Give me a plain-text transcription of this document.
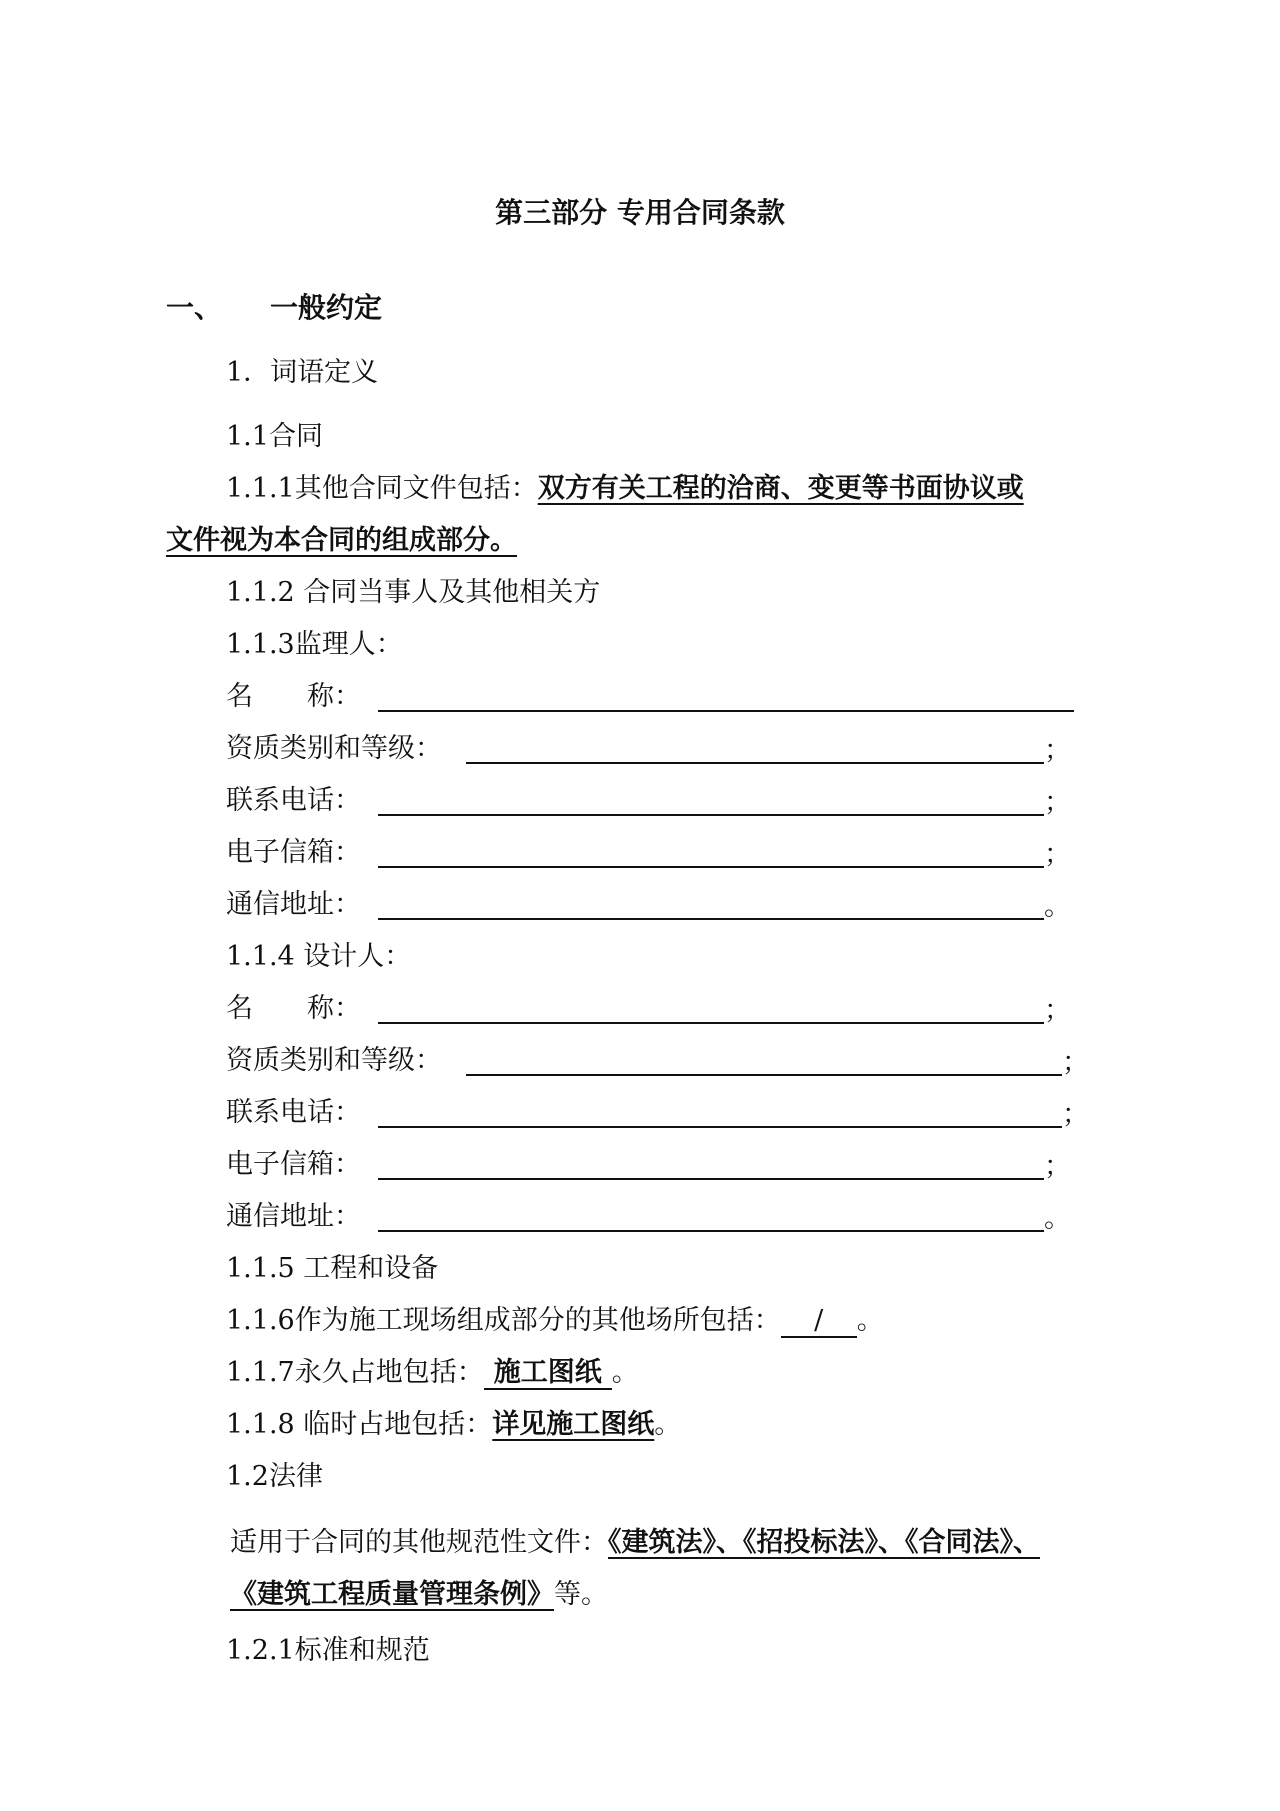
第三部分 专用合同条款
一、 一般约定
1．词语定义
1.1合同
1.1.1其他合同文件包括：双方有关工程的洽商、变更等书面协议或
文件视为本合同的组成部分。
1.1.2 合同当事人及其他相关方
1.1.3监理人：
名　　称：
资质类别和等级：	；
联系电话：	；
电子信箱：	；
通信地址：	。
1.1.4 设计人：
名　　称：	；
资质类别和等级：	；
联系电话：	；
电子信箱：	；
通信地址：	。
1.1.5 工程和设备
1.1.6作为施工现场组成部分的其他场所包括： / 。
1.1.7永久占地包括： 施工图纸 。
1.1.8 临时占地包括：详见施工图纸。
1.2法律
适用于合同的其他规范性文件：《建筑法》、《招投标法》、《合同法》、
《建筑工程质量管理条例》等。
1.2.1标准和规范
